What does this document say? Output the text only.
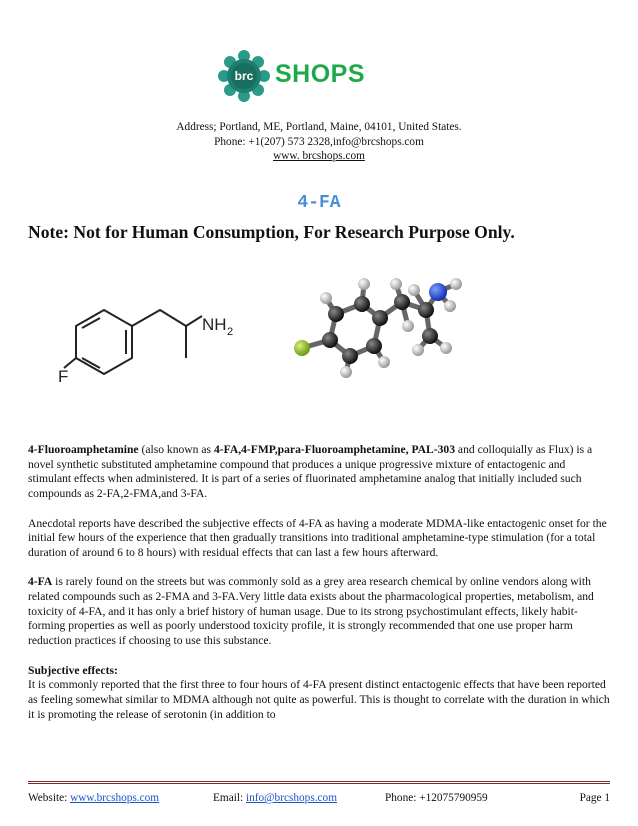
brc SHOPS
Address; Portland, ME, Portland, Maine, 04101, United States.
Phone: +1(207) 573 2328,info@brcshops.com
www. brcshops.com
4-FA
Note: Not for Human Consumption, For Research Purpose Only.
F
NH 2

4-Fluoroamphetamine (also known as 4-FA,4-FMP,para-Fluoroamphetamine, PAL-303 and colloquially as Flux) is a novel synthetic substituted amphetamine compound that produces a unique progressive mixture of entactogenic and stimulant effects when administered. It is part of a series of fluorinated amphetamine analog that initially included such compounds as 2-FA,2-FMA,and 3-FA.

Anecdotal reports have described the subjective effects of 4-FA as having a moderate MDMA-like entactogenic onset for the initial few hours of the experience that then gradually transitions into traditional amphetamine-type stimulation (for a total duration of around 6 to 8 hours) with residual effects that can last a few hours afterward.

4-FA is rarely found on the streets but was commonly sold as a grey area research chemical by online vendors along with related compounds such as 2-FMA and 3-FA.Very little data exists about the pharmacological properties, metabolism, and toxicity of 4-FA, and it has only a brief history of human usage. Due to its strong psychostimulant effects, likely habit-forming properties as well as poorly understood toxicity profile, it is strongly recommended that one use proper harm reduction practices if choosing to use this substance.

Subjective effects:
It is commonly reported that the first three to four hours of 4-FA present distinct entactogenic effects that have been reported as feeling somewhat similar to MDMA although not quite as powerful. This is thought to correlate with the duration in which it is promoting the release of serotonin (in addition to
Website: www.brcshops.com	Email: info@brcshops.com	Phone: +12075790959	Page 1
